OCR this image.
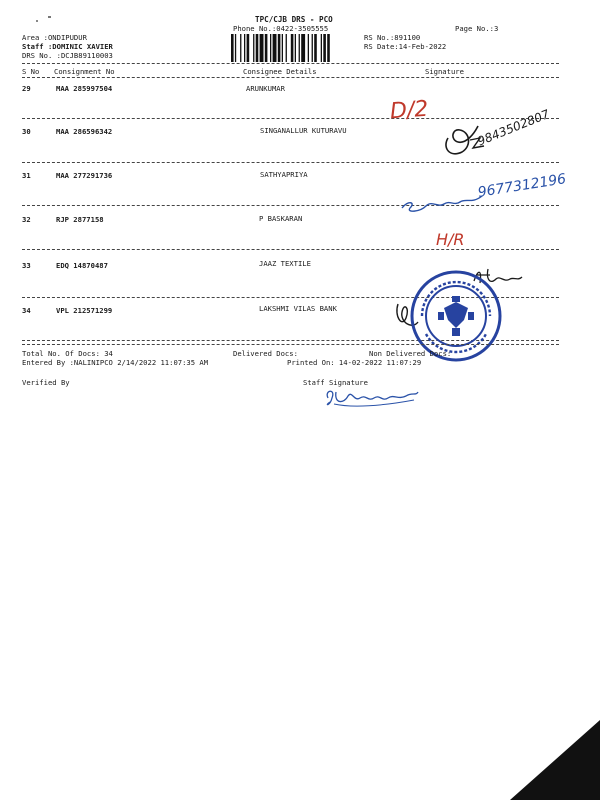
TPC/CJB DRS - PCO
Phone No.:0422-3505555	Page No.:3
Area :ONDIPUDUR
Staff :DOMINIC XAVIER
DRS No. :DCJB89110003
RS No.:891100
RS Date:14-Feb-2022
S No Consignment No	Consignee Details	Signature
29	MAA 285997504	ARUNKUMAR
30	MAA 286596342	SINGANALLUR KUTURAVU
31	MAA 277291736	SATHYAPRIYA
32	RJP 2877158	P BASKARAN
33	EDQ 14870487	JAAZ TEXTILE
34	VPL 212571299	LAKSHMI VILAS BANK
D/2	9843502807
9677312196
H/R
Total No. Of Docs: 34	Delivered Docs:	Non Delivered Docs:
Entered By :NALINIPCO 2/14/2022 11:07:35 AM	Printed On: 14-02-2022 11:07:29
Verified By	Staff Signature
